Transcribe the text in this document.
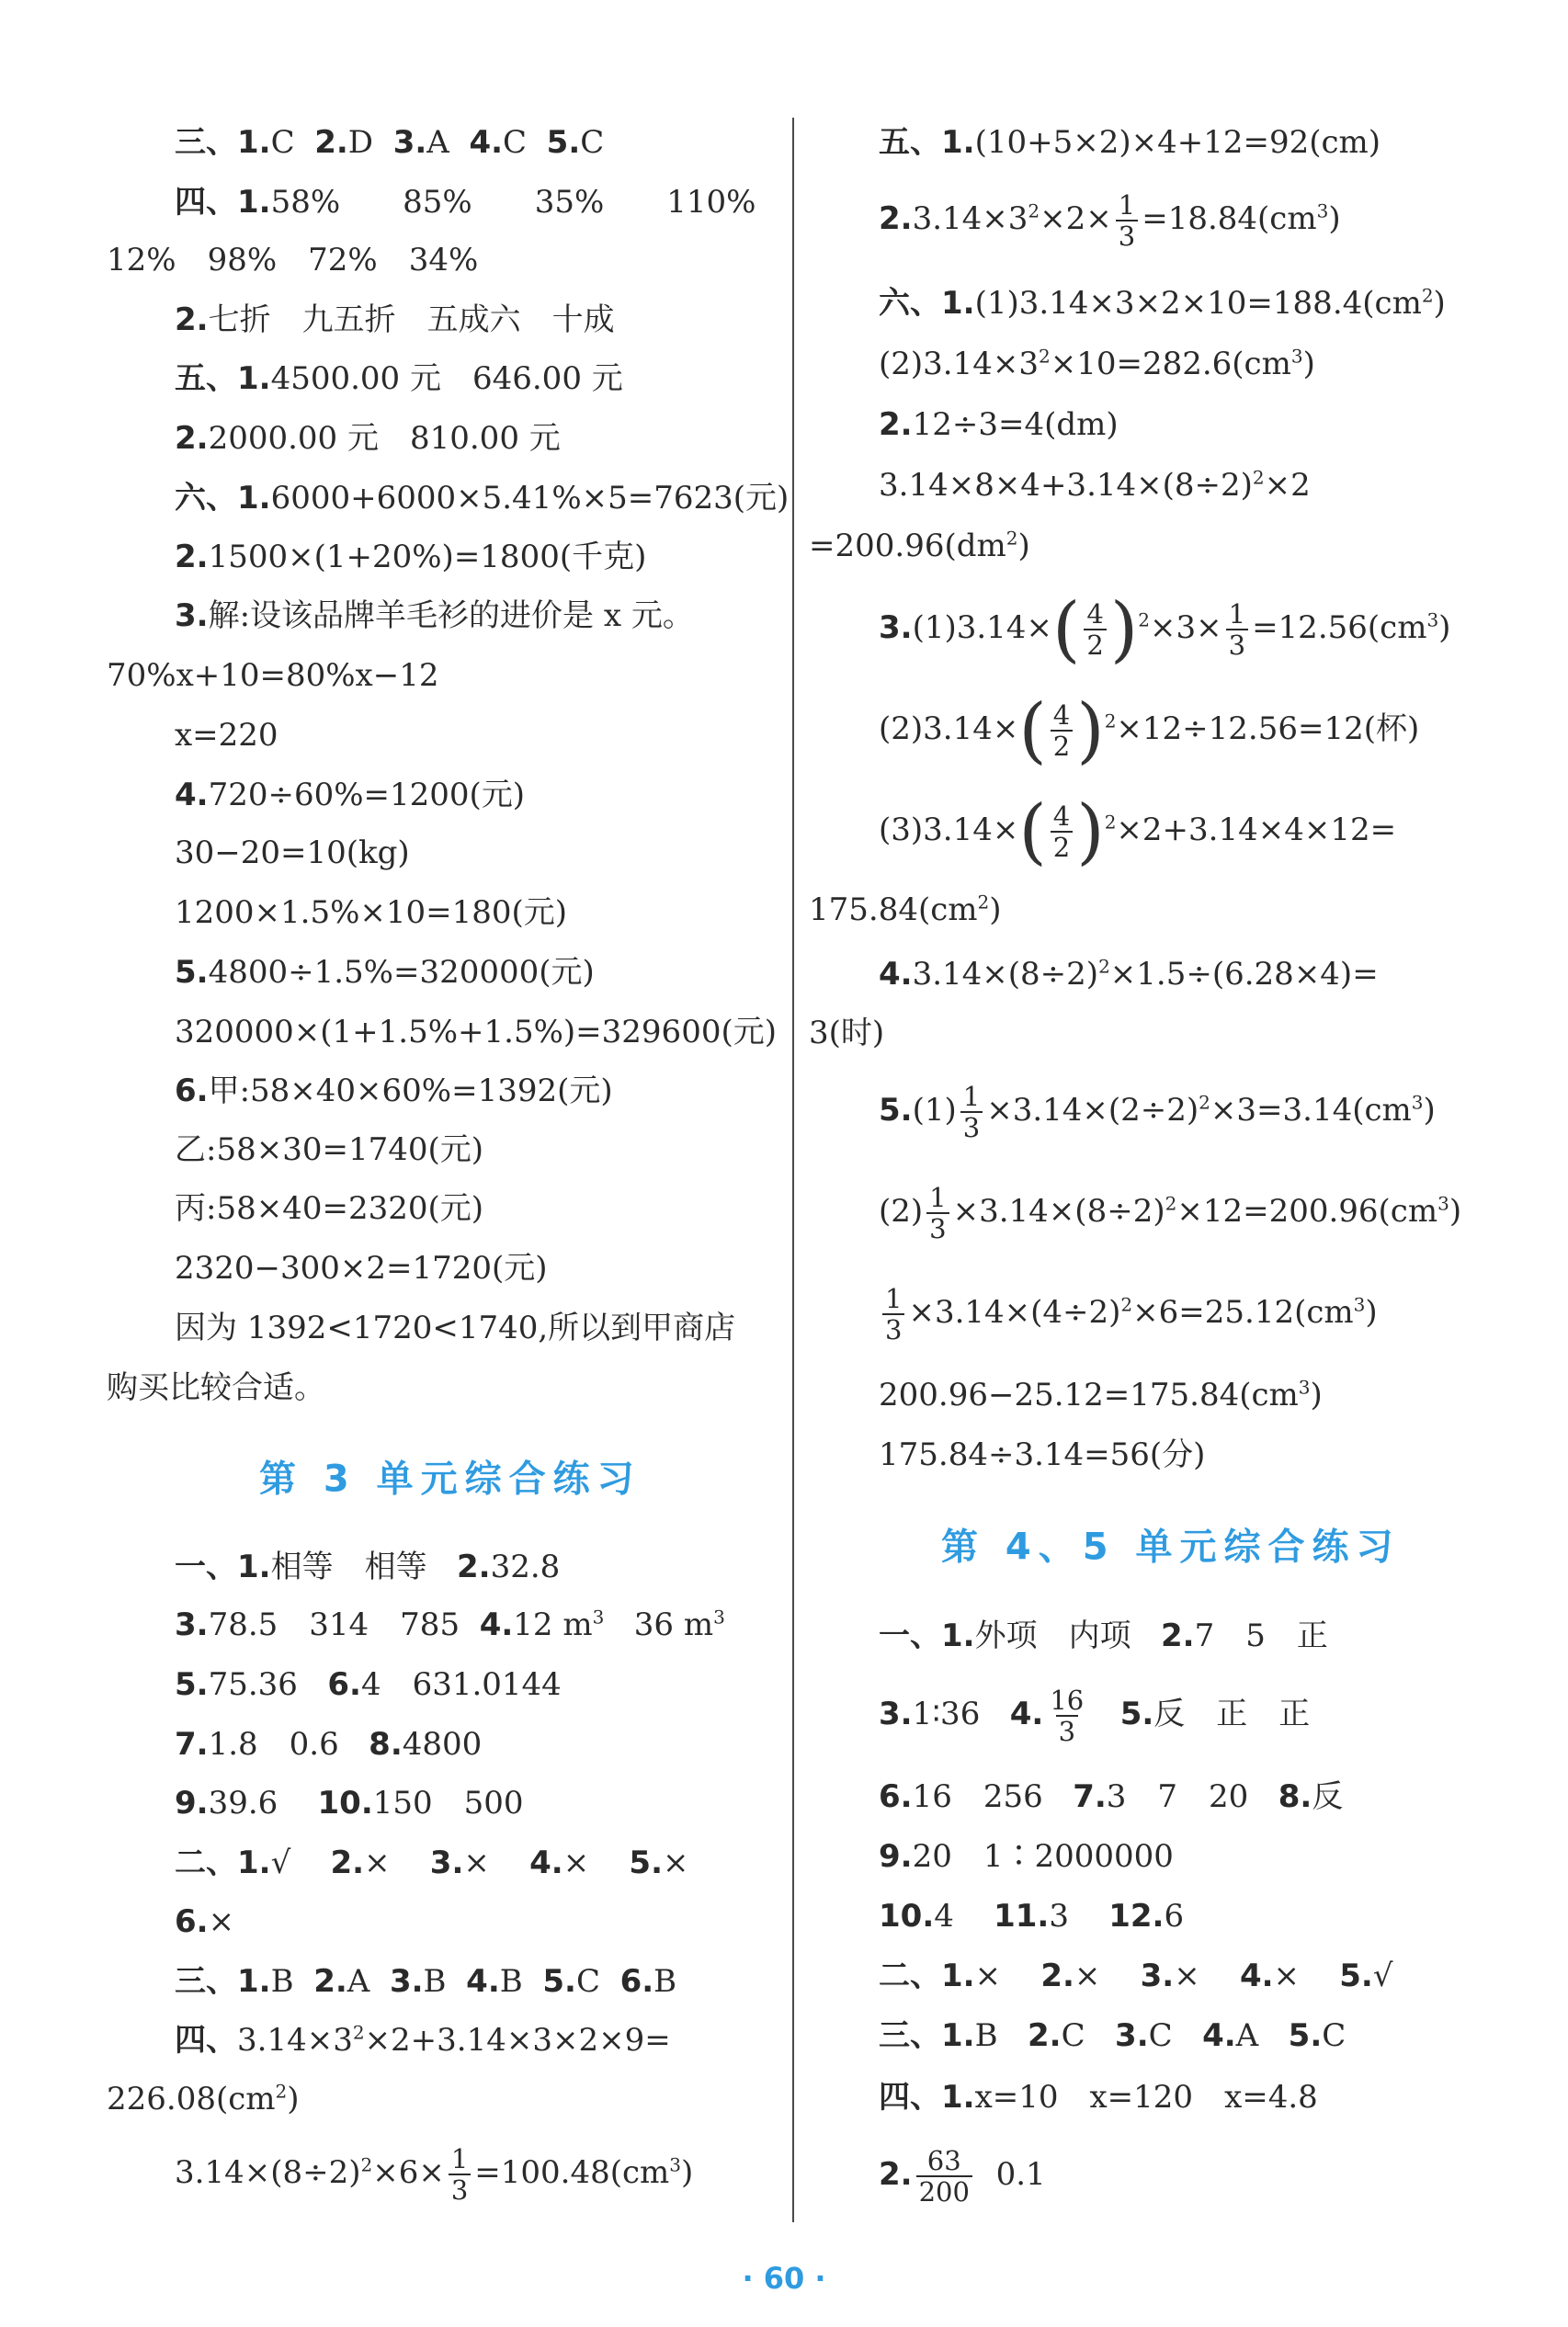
三、1.C 2.D 3.A 4.C 5.C
四、1.58%　　85%　　35%　　110%
12%　98%　72%　34%
2.七折　九五折　五成六　十成
五、1.4500.00 元　646.00 元
2.2000.00 元　810.00 元
六、1.6000+6000×5.41%×5=7623(元)
2.1500×(1+20%)=1800(千克)
3.解:设该品牌羊毛衫的进价是 x 元。
70%x+10=80%x−12
x=220
4.720÷60%=1200(元)
30−20=10(kg)
1200×1.5%×10=180(元)
5.4800÷1.5%=320000(元)
320000×(1+1.5%+1.5%)=329600(元)
6.甲:58×40×60%=1392(元)
乙:58×30=1740(元)
丙:58×40=2320(元)
2320−300×2=1720(元)
因为 1392<1720<1740,所以到甲商店
购买比较合适。
第 3 单元综合练习
一、1.相等　相等 2.32.8
3.78.5　314　785 4.12 $m^3$ 36 $m^3$
5.75.36 6.4　631.0144
7.1.8　0.6 8.4800
9.39.6 10.150　500
二、1.√ 2.× 3.× 4.× 5.×
6.×
三、1.B 2.A 3.B 4.B 5.C 6.B
四、$3.14\times 3^2\times 2+3.14\times 3\times 2\times 9=$
$226.08(cm^2)$
$3.14\times(8\div 2)^2\times 6\times \frac{1}{3} =100.48(cm^3)$
五、1.(10+5×2)×4+12=92(cm)
$2.3.14\times 3^2\times 2\times \frac{1}{3} =18.84(cm^3)$
六、$1.(1)3.14\times 3\times 2\times 10=188.4(cm^2)$
$(2)3.14\times 3^2\times 10=282.6(cm^3)$
2.12÷3=4(dm)
$3.14\times 8\times 4+3.14\times(8\div 2)^2\times 2$
$=200.96(dm^2)$
$3.(1)3.14\times( \frac{4}{2} )^2\times 3\times \frac{1}{3} =12.56(cm^3)$
$(2)3.14\times( \frac{4}{2} )^2\times 12\div 12.56=12$(杯)
$(3)3.14\times( \frac{4}{2} )^2\times 2+3.14\times 4\times 12=$
$175.84(cm^2)$
$4.3.14\times(8\div 2)^2\times 1.5\div(6.28\times 4)=$
3(时)
$5.(1) \frac{1}{3} \times 3.14\times(2\div 2)^2\times 3=3.14(cm^3)$
$(2) \frac{1}{3} \times 3.14\times(8\div 2)^2\times 12=200.96(cm^3)$
$\frac{1}{3} \times 3.14\times(4\div 2)^2\times 6=25.12(cm^3)$
$200.96-25.12=175.84(cm^3)$
175.84÷3.14=56(分)
第 4、5 单元综合练习
一、1.外项　内项 2.7　5　正
3.1∶36 4. $\frac{16}{3} 5$.反　正　正
6.16　256 7.3　7　20 8.反
9.20　1∶2000000
10.4 11.3 12.6
二、1.× 2.× 3.× 4.× 5.√
三、1.B 2.C 3.C 4.A 5.C
四、1.x=10　x=120　x=4.8
2. $\frac{63}{200} 0.1$
· 60 ·
